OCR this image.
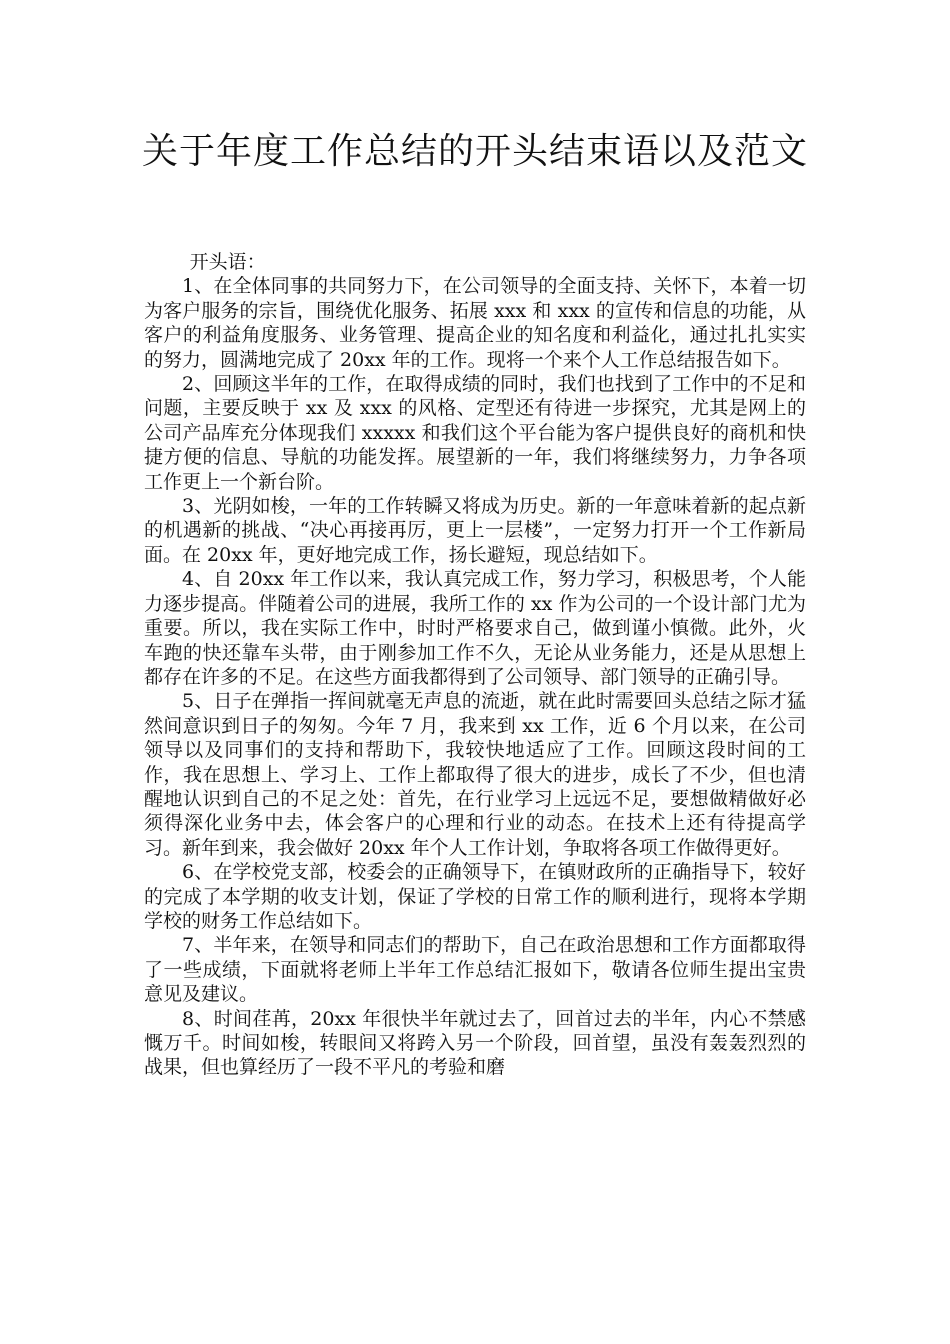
关于年度工作总结的开头结束语以及范文

开头语：

1、在全体同事的共同努力下，在公司领导的全面支持、关怀下，本着一切为客户服务的宗旨，围绕优化服务、拓展 xxx 和 xxx 的宣传和信息的功能，从客户的利益角度服务、业务管理、提高企业的知名度和利益化，通过扎扎实实的努力，圆满地完成了 20xx 年的工作。现将一个来个人工作总结报告如下。

2、回顾这半年的工作，在取得成绩的同时，我们也找到了工作中的不足和问题，主要反映于 xx 及 xxx 的风格、定型还有待进一步探究，尤其是网上的公司产品库充分体现我们 xxxxx 和我们这个平台能为客户提供良好的商机和快捷方便的信息、导航的功能发挥。展望新的一年，我们将继续努力，力争各项工作更上一个新台阶。

3、光阴如梭，一年的工作转瞬又将成为历史。新的一年意味着新的起点新的机遇新的挑战、“决心再接再厉，更上一层楼”，一定努力打开一个工作新局面。在 20xx 年，更好地完成工作，扬长避短，现总结如下。

4、自 20xx 年工作以来，我认真完成工作，努力学习，积极思考，个人能力逐步提高。伴随着公司的进展，我所工作的 xx 作为公司的一个设计部门尤为重要。所以，我在实际工作中，时时严格要求自己，做到谨小慎微。此外，火车跑的快还靠车头带，由于刚参加工作不久，无论从业务能力，还是从思想上都存在许多的不足。在这些方面我都得到了公司领导、部门领导的正确引导。

5、日子在弹指一挥间就毫无声息的流逝，就在此时需要回头总结之际才猛然间意识到日子的匆匆。今年 7 月，我来到 xx 工作，近 6 个月以来，在公司领导以及同事们的支持和帮助下，我较快地适应了工作。回顾这段时间的工作，我在思想上、学习上、工作上都取得了很大的进步，成长了不少，但也清醒地认识到自己的不足之处：首先，在行业学习上远远不足，要想做精做好必须得深化业务中去，体会客户的心理和行业的动态。在技术上还有待提高学习。新年到来，我会做好 20xx 年个人工作计划，争取将各项工作做得更好。

6、在学校党支部，校委会的正确领导下，在镇财政所的正确指导下，较好的完成了本学期的收支计划，保证了学校的日常工作的顺利进行，现将本学期学校的财务工作总结如下。

7、半年来，在领导和同志们的帮助下，自己在政治思想和工作方面都取得了一些成绩，下面就将老师上半年工作总结汇报如下，敬请各位师生提出宝贵意见及建议。

8、时间荏苒，20xx 年很快半年就过去了，回首过去的半年，内心不禁感慨万千。时间如梭，转眼间又将跨入另一个阶段，回首望，虽没有轰轰烈烈的战果，但也算经历了一段不平凡的考验和磨
